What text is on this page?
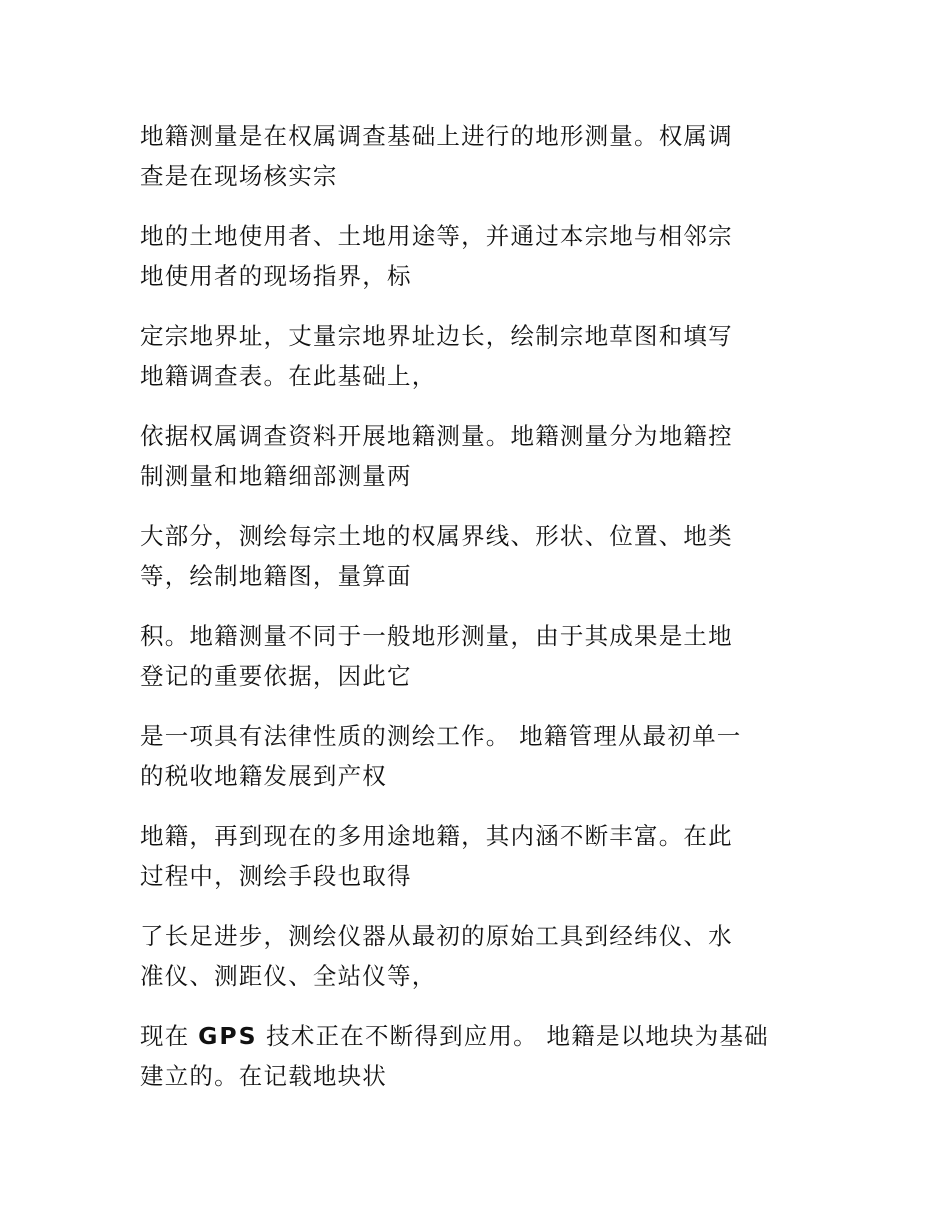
地籍测量是在权属调查基础上进行的地形测量。权属调
查是在现场核实宗

地的土地使用者、土地用途等，并通过本宗地与相邻宗
地使用者的现场指界，标

定宗地界址，丈量宗地界址边长，绘制宗地草图和填写
地籍调查表。在此基础上，

依据权属调查资料开展地籍测量。地籍测量分为地籍控
制测量和地籍细部测量两

大部分，测绘每宗土地的权属界线、形状、位置、地类
等，绘制地籍图，量算面

积。地籍测量不同于一般地形测量，由于其成果是土地
登记的重要依据，因此它

是一项具有法律性质的测绘工作。 地籍管理从最初单一
的税收地籍发展到产权

地籍，再到现在的多用途地籍，其内涵不断丰富。在此
过程中，测绘手段也取得

了长足进步，测绘仪器从最初的原始工具到经纬仪、水
准仪、测距仪、全站仪等，

现在 GPS 技术正在不断得到应用。 地籍是以地块为基础
建立的。在记载地块状
